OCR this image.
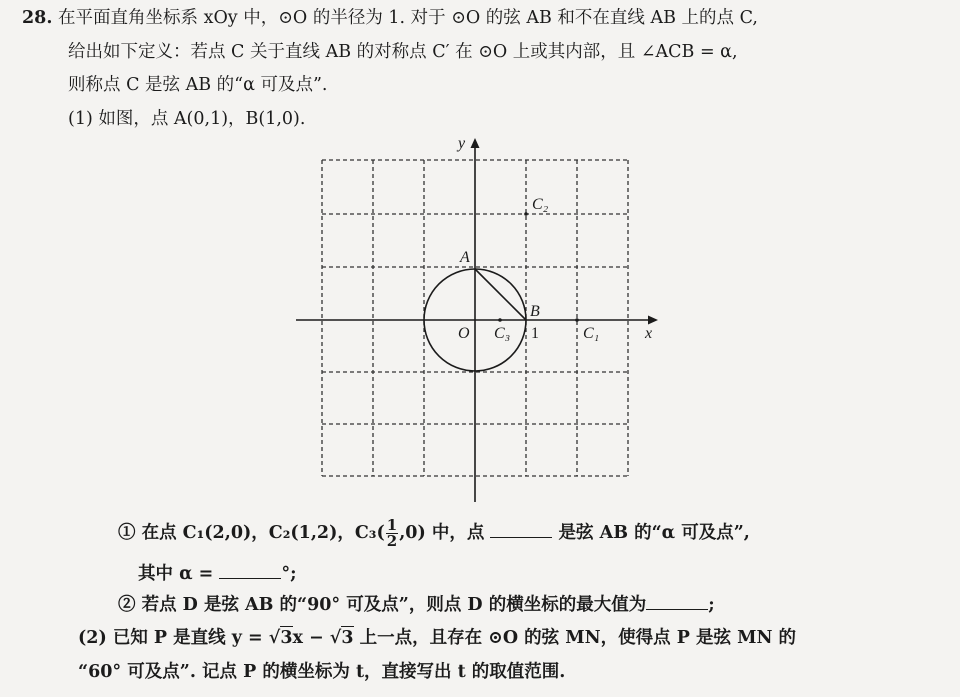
28. 在平面直角坐标系 xOy 中，⊙O 的半径为 1. 对于 ⊙O 的弦 AB 和不在直线 AB 上的点 C,
给出如下定义：若点 C 关于直线 AB 的对称点 C′ 在 ⊙O 上或其内部，且 ∠ACB = α,
则称点 C 是弦 AB 的“α 可及点”.
(1) 如图，点 A(0,1)，B(1,0).
y
x
O
A
B
1	C₁
C₂
C₃
① 在点 C₁(2,0)，C₂(1,2)，$C_3( \frac{1}{2} ,0)$ 中，点	是弦 AB 的“α 可及点”,
其中 α =	°;
② 若点 D 是弦 AB 的“90° 可及点”，则点 D 的横坐标的最大值为	;
(2) 已知 P 是直线 y = √3x − √3 上一点，且存在 ⊙O 的弦 MN，使得点 P 是弦 MN 的
“60° 可及点”. 记点 P 的横坐标为 t，直接写出 t 的取值范围.
